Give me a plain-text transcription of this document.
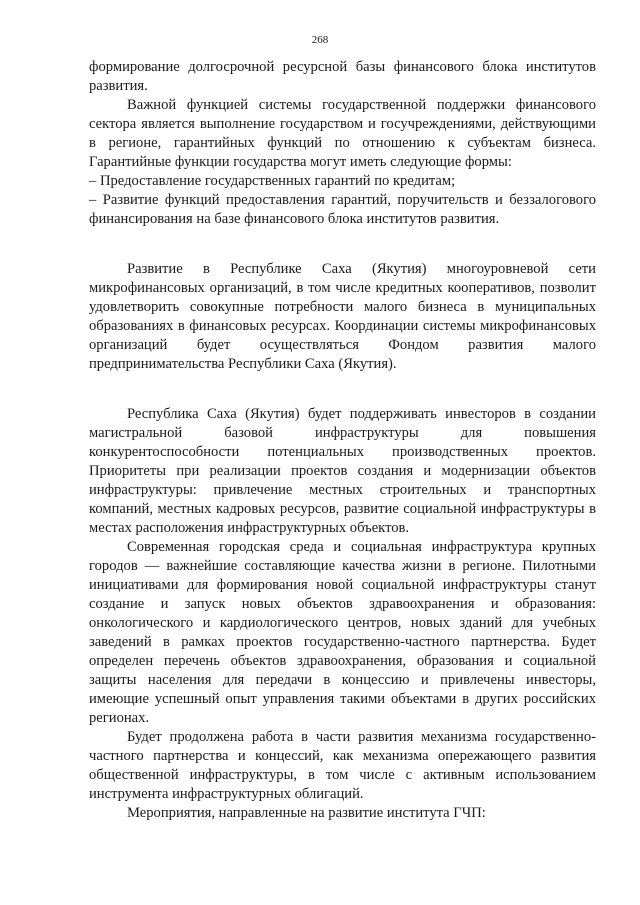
268

формирование долгосрочной ресурсной базы финансового блока институтов развития.

Важной функцией системы государственной поддержки финансового сектора является выполнение государством и госучреждениями, действующими в регионе, гарантийных функций по отношению к субъектам бизнеса. Гарантийные функции государства могут иметь следующие формы:

– Предоставление государственных гарантий по кредитам;

– Развитие функций предоставления гарантий, поручительств и беззалогового финансирования на базе финансового блока институтов развития.

Развитие в Республике Саха (Якутия) многоуровневой сети микрофинансовых организаций, в том числе кредитных кооперативов, позволит удовлетворить совокупные потребности малого бизнеса в муниципальных образованиях в финансовых ресурсах. Координации системы микрофинансовых организаций будет осуществляться Фондом развития малого предпринимательства Республики Саха (Якутия).

Республика Саха (Якутия) будет поддерживать инвесторов в создании магистральной базовой инфраструктуры для повышения конкурентоспособности потенциальных производственных проектов. Приоритеты при реализации проектов создания и модернизации объектов инфраструктуры: привлечение местных строительных и транспортных компаний, местных кадровых ресурсов, развитие социальной инфраструктуры в местах расположения инфраструктурных объектов.

Современная городская среда и социальная инфраструктура крупных городов — важнейшие составляющие качества жизни в регионе. Пилотными инициативами для формирования новой социальной инфраструктуры станут создание и запуск новых объектов здравоохранения и образования: онкологического и кардиологического центров, новых зданий для учебных заведений в рамках проектов государственно-частного партнерства. Будет определен перечень объектов здравоохранения, образования и социальной защиты населения для передачи в концессию и привлечены инвесторы, имеющие успешный опыт управления такими объектами в других российских регионах.

Будет продолжена работа в части развития механизма государственно-частного партнерства и концессий, как механизма опережающего развития общественной инфраструктуры, в том числе с активным использованием инструмента инфраструктурных облигаций.

Мероприятия, направленные на развитие института ГЧП:
